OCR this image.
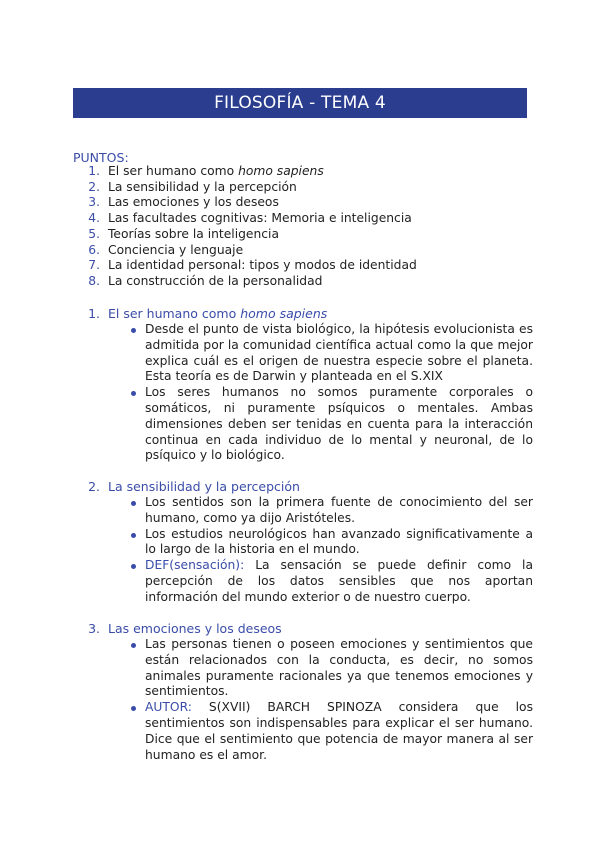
FILOSOFÍA - TEMA 4
PUNTOS:
1. El ser humano como homo sapiens
2. La sensibilidad y la percepción
3. Las emociones y los deseos
4. Las facultades cognitivas: Memoria e inteligencia
5. Teorías sobre la inteligencia
6. Conciencia y lenguaje
7. La identidad personal: tipos y modos de identidad
8. La construcción de la personalidad
1. El ser humano como homo sapiens
Desde el punto de vista biológico, la hipótesis evolucionista es admitida por la comunidad científica actual como la que mejor explica cuál es el origen de nuestra especie sobre el planeta. Esta teoría es de Darwin y planteada en el S.XIX
Los seres humanos no somos puramente corporales o somáticos, ni puramente psíquicos o mentales. Ambas dimensiones deben ser tenidas en cuenta para la interacción continua en cada individuo de lo mental y neuronal, de lo psíquico y lo biológico.
2. La sensibilidad y la percepción
Los sentidos son la primera fuente de conocimiento del ser humano, como ya dijo Aristóteles.
Los estudios neurológicos han avanzado significativamente a lo largo de la historia en el mundo.
DEF(sensación): La sensación se puede definir como la percepción de los datos sensibles que nos aportan información del mundo exterior o de nuestro cuerpo.
3. Las emociones y los deseos
Las personas tienen o poseen emociones y sentimientos que están relacionados con la conducta, es decir, no somos animales puramente racionales ya que tenemos emociones y sentimientos.
AUTOR: S(XVII) BARCH SPINOZA considera que los sentimientos son indispensables para explicar el ser humano. Dice que el sentimiento que potencia de mayor manera al ser humano es el amor.
